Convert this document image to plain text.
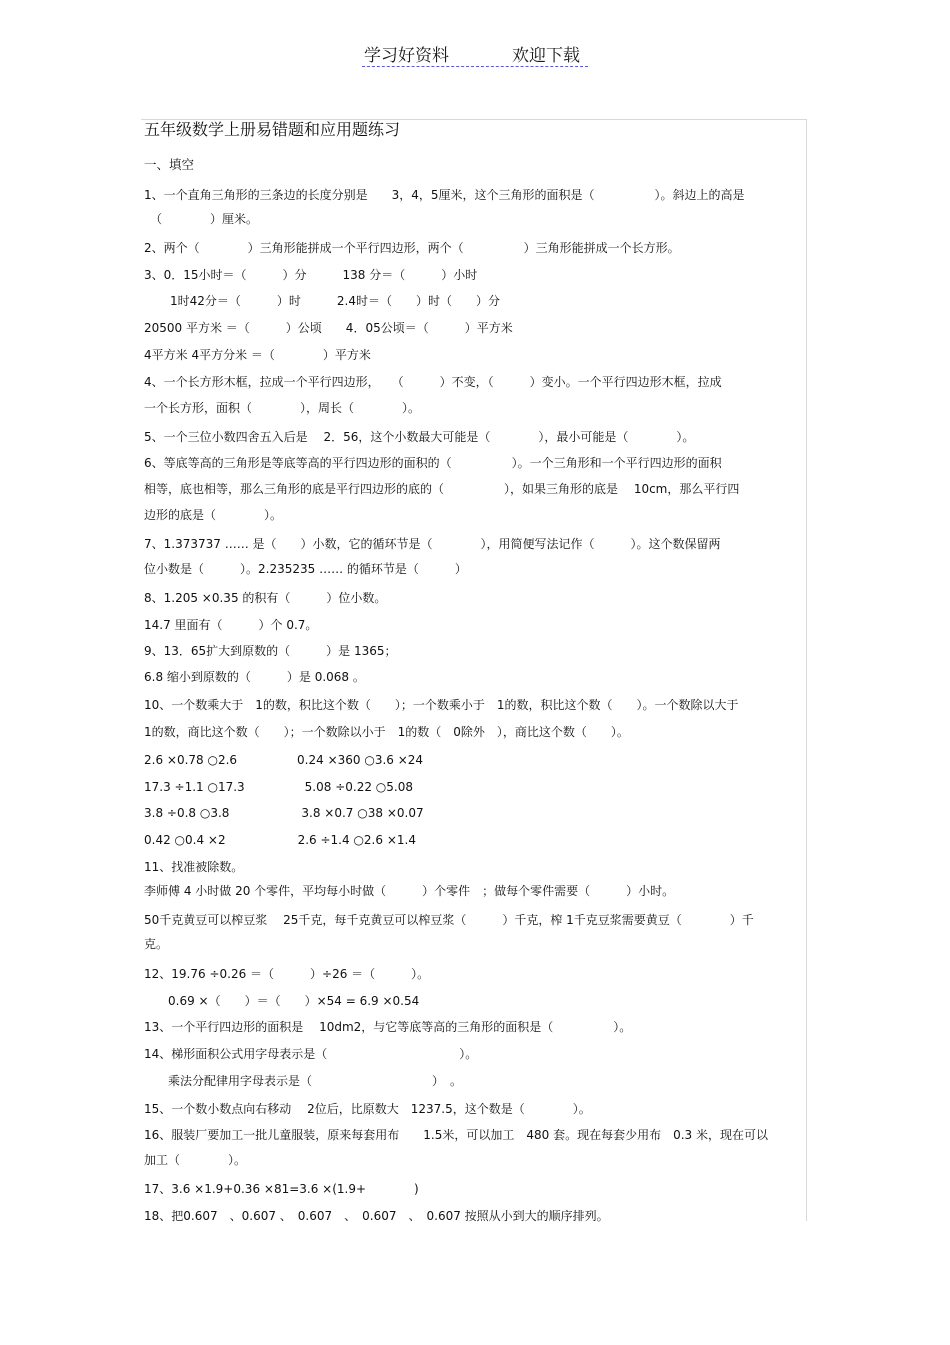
学习好资料	欢迎下载
五年级数学上册易错题和应用题练习
一、填空
1、一个直角三角形的三条边的长度分别是　　3，4，5厘米，这个三角形的面积是（　　　　　）。斜边上的高是
（　　　　）厘米。
2、两个（　　　　）三角形能拼成一个平行四边形，两个（　　　　　）三角形能拼成一个长方形。
3、0．15小时＝（　　　）分　　　138 分＝（　　　）小时
　1时42分＝（　　　）时　　　2.4时＝（　　）时（　　）分
20500 平方米 ＝（　　　）公顷　　4．05公顷＝（　　　）平方米
4平方米 4平方分米 ＝（　　　　）平方米
4、一个长方形木框，拉成一个平行四边形，　　（　　　）不变，（　　　）变小。一个平行四边形木框，拉成
一个长方形，面积（　　　　），周长（　　　　）。
5、一个三位小数四舍五入后是　 2．56，这个小数最大可能是（　　　　），最小可能是（　　　　）。
6、等底等高的三角形是等底等高的平行四边形的面积的（　　　　　）。一个三角形和一个平行四边形的面积
相等，底也相等，那么三角形的底是平行四边形的底的（　　　　　），如果三角形的底是　 10cm，那么平行四
边形的底是（　　　　）。
7、1.373737 …… 是（　　）小数，它的循环节是（　　　　），用简便写法记作（　　　）。这个数保留两
位小数是（　　　）。2.235235 …… 的循环节是（　　　）
8、1.205 ×0.35 的积有（　　　）位小数。
14.7 里面有（　　　）个 0.7。
9、13．65扩大到原数的（　　　）是 1365；
6.8 缩小到原数的（　　　）是 0.068 。
10、一个数乘大于　1的数，积比这个数（　　）；一个数乘小于　1的数，积比这个数（　　）。一个数除以大于
1的数，商比这个数（　　）；一个数除以小于　1的数（　0除外　），商比这个数（　　）。
2.6 ×0.78 ○2.6　　　　　0.24 ×360 ○3.6 ×24
17.3 ÷1.1 ○17.3　　　　　5.08 ÷0.22 ○5.08
3.8 ÷0.8 ○3.8　　　　　　3.8 ×0.7 ○38 ×0.07
0.42 ○0.4 ×2　　　　　　2.6 ÷1.4 ○2.6 ×1.4
11、找准被除数。
李师傅 4 小时做 20 个零件，平均每小时做（　　　）个零件　；做每个零件需要（　　　）小时。
50千克黄豆可以榨豆浆　 25千克，每千克黄豆可以榨豆浆（　　　）千克，榨 1千克豆浆需要黄豆（　　　　）千
克。
12、19.76 ÷0.26 ＝（　　　）÷26 ＝（　　　）。
　　0.69 ×（　　）＝（　　）×54 = 6.9 ×0.54
13、一个平行四边形的面积是　 10dm2，与它等底等高的三角形的面积是（　　　　　）。
14、梯形面积公式用字母表示是（　　　　　　　　　　　）。
　　乘法分配律用字母表示是（　　　　　　　　　　）　。
15、一个数小数点向右移动　 2位后，比原数大　1237.5，这个数是（　　　　）。
16、服装厂要加工一批儿童服装，原来每套用布　　1.5米，可以加工　480 套。现在每套少用布　0.3 米，现在可以
加工（　　　　）。
17、3.6 ×1.9+0.36 ×81=3.6 ×(1.9+　　　　)
18、把0.607　、0.607 、　0.607　、　0.607　、　0.607 按照从小到大的顺序排列。
